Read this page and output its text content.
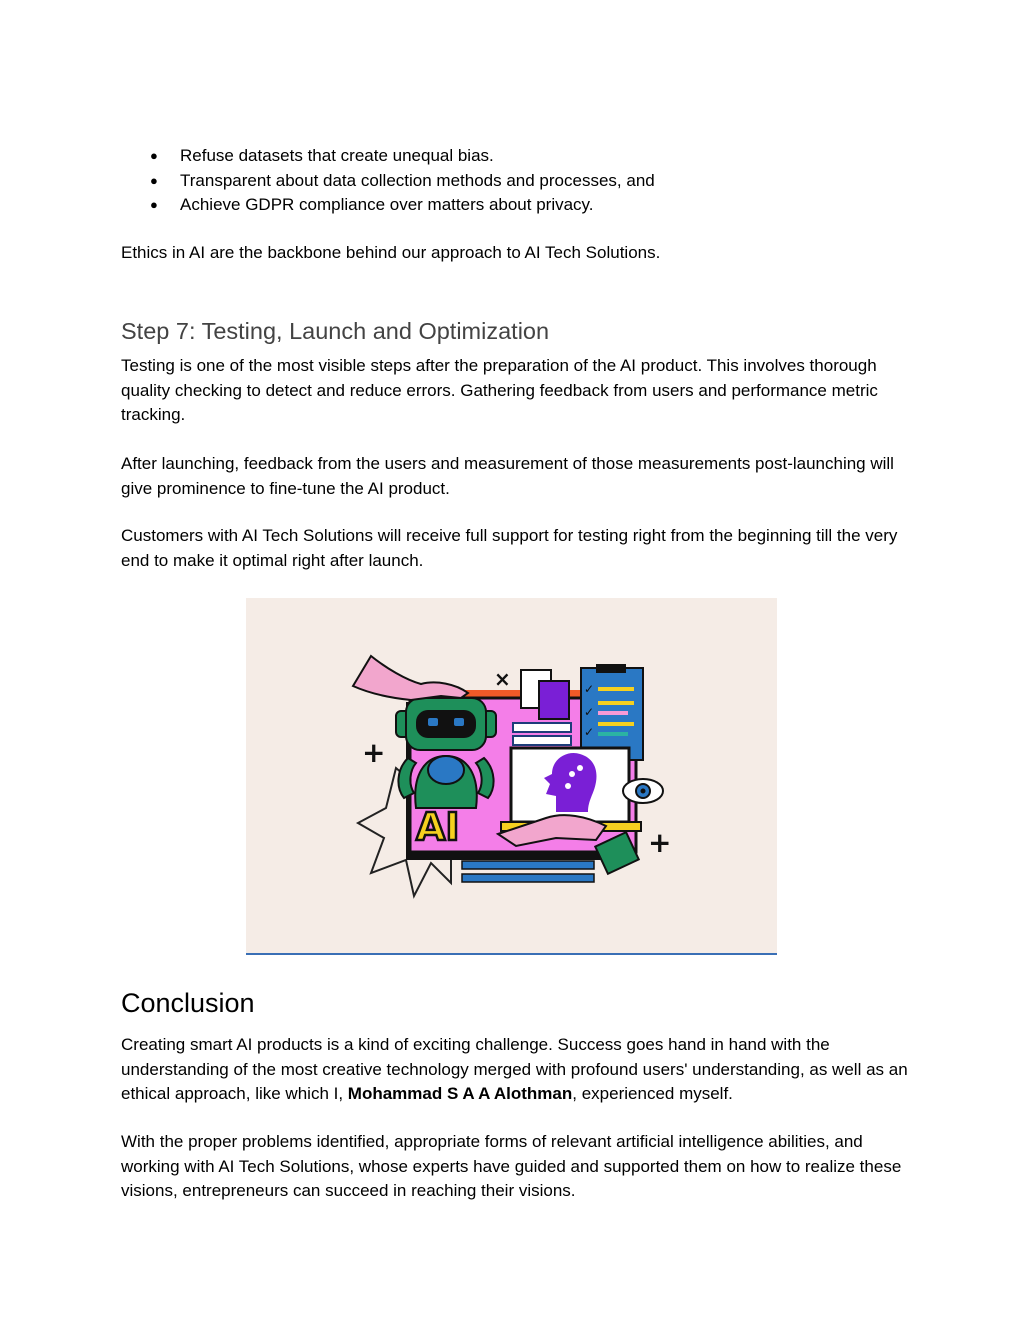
● Refuse datasets that create unequal bias.
● Transparent about data collection methods and processes, and
● Achieve GDPR compliance over matters about privacy.

Ethics in AI are the backbone behind our approach to AI Tech Solutions.

Step 7: Testing, Launch and Optimization

Testing is one of the most visible steps after the preparation of the AI product. This involves thorough quality checking to detect and reduce errors. Gathering feedback from users and performance metric tracking.

After launching, feedback from the users and measurement of those measurements post-launching will give prominence to fine-tune the AI product.

Customers with AI Tech Solutions will receive full support for testing right from the beginning till the very end to make it optimal right after launch.

✓
✓
✓
AI
+
+
×
Conclusion

Creating smart AI products is a kind of exciting challenge. Success goes hand in hand with the understanding of the most creative technology merged with profound users' understanding, as well as an ethical approach, like which I, Mohammad S A A Alothman, experienced myself.

With the proper problems identified, appropriate forms of relevant artificial intelligence abilities, and working with AI Tech Solutions, whose experts have guided and supported them on how to realize these visions, entrepreneurs can succeed in reaching their visions.
